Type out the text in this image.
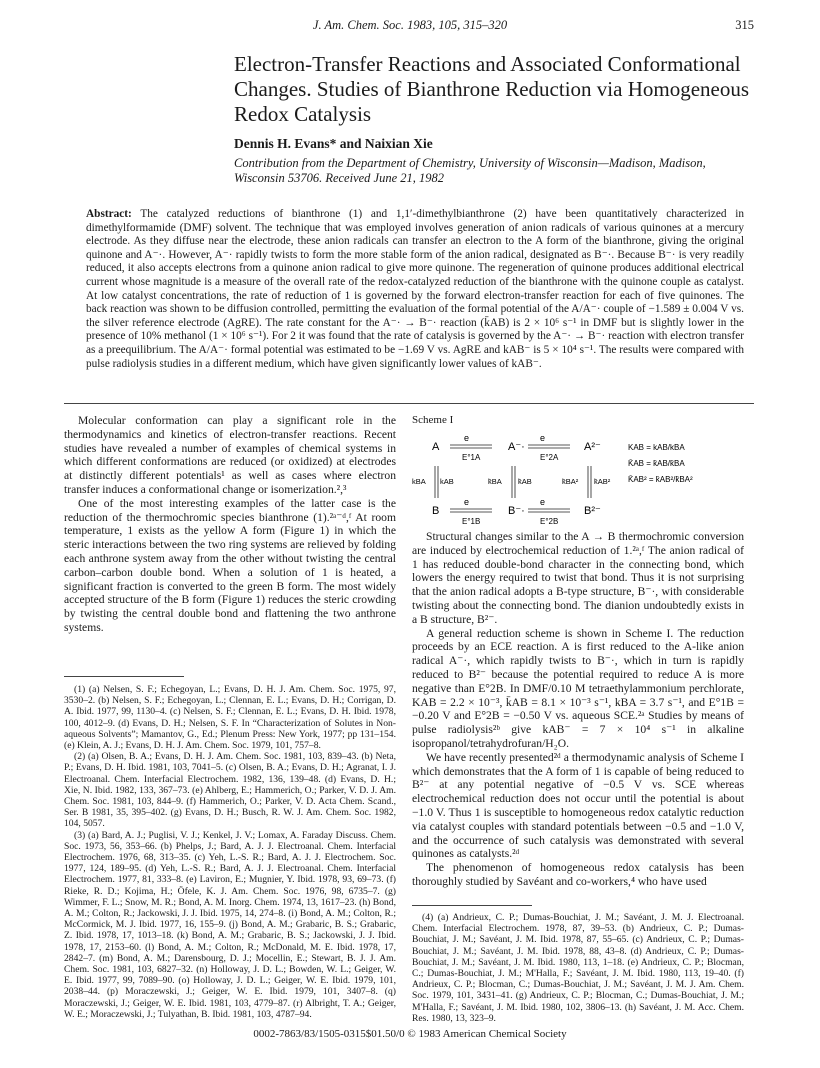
J. Am. Chem. Soc. 1983, 105, 315–320	315
Electron-Transfer Reactions and Associated Conformational Changes. Studies of Bianthrone Reduction via Homogeneous Redox Catalysis
Dennis H. Evans* and Naixian Xie
Contribution from the Department of Chemistry, University of Wisconsin—Madison, Madison, Wisconsin 53706. Received June 21, 1982
Abstract: The catalyzed reductions of bianthrone (1) and 1,1′-dimethylbianthrone (2) have been quantitatively characterized in dimethylformamide (DMF) solvent. The technique that was employed involves generation of anion radicals of various quinones at a mercury electrode. As they diffuse near the electrode, these anion radicals can transfer an electron to the A form of the bianthrone, giving the original quinone and A⁻·. However, A⁻· rapidly twists to form the more stable form of the anion radical, designated as B⁻·. Because B⁻· is very readily reduced, it also accepts electrons from a quinone anion radical to give more quinone. The regeneration of quinone produces additional electrical current whose magnitude is a measure of the overall rate of the redox-catalyzed reduction of the bianthrone with the quinone couple as catalyst. At low catalyst concentrations, the rate of reduction of 1 is governed by the forward electron-transfer reaction for each of five quinones. The back reaction was shown to be diffusion controlled, permitting the evaluation of the formal potential of the A/A⁻· couple of −1.589 ± 0.004 V vs. the silver reference electrode (AgRE). The rate constant for the A⁻· → B⁻· reaction (k̄AB) is 2 × 10⁶ s⁻¹ in DMF but is slightly lower in the presence of 10% methanol (1 × 10⁶ s⁻¹). For 2 it was found that the rate of catalysis is governed by the A⁻· → B⁻· reaction with electron transfer as a preequilibrium. The A/A⁻· formal potential was estimated to be −1.69 V vs. AgRE and kAB⁻ is 5 × 10⁴ s⁻¹. The results were compared with pulse radiolysis studies in a different medium, which have given significantly lower values of kAB⁻.

Molecular conformation can play a significant role in the thermodynamics and kinetics of electron-transfer reactions. Recent studies have revealed a number of examples of chemical systems in which different conformations are reduced (or oxidized) at electrodes at distinctly different potentials¹ as well as cases where electron transfer induces a conformational change or isomerization.²,³

One of the most interesting examples of the latter case is the reduction of the thermochromic species bianthrone (1).²ᵃ⁻ᵈ,ᶠ At room temperature, 1 exists as the yellow A form (Figure 1) in which the steric interactions between the two ring systems are relieved by folding each anthrone system away from the other without twisting the central carbon–carbon double bond. When a solution of 1 is heated, a significant fraction is converted to the green B form. The most widely accepted structure of the B form (Figure 1) reduces the steric crowding by twisting the central double bond and flattening the two anthrone systems.

(1) (a) Nelsen, S. F.; Echegoyan, L.; Evans, D. H. J. Am. Chem. Soc. 1975, 97, 3530–2. (b) Nelsen, S. F.; Echegoyan, L.; Clennan, E. L.; Evans, D. H.; Corrigan, D. A. Ibid. 1977, 99, 1130–4. (c) Nelsen, S. F.; Clennan, E. L.; Evans, D. H. Ibid. 1978, 100, 4012–9. (d) Evans, D. H.; Nelsen, S. F. In “Characterization of Solutes in Non-aqueous Solvents”; Mamantov, G., Ed.; Plenum Press: New York, 1977; pp 131–154. (e) Klein, A. J.; Evans, D. H. J. Am. Chem. Soc. 1979, 101, 757–8.

(2) (a) Olsen, B. A.; Evans, D. H. J. Am. Chem. Soc. 1981, 103, 839–43. (b) Neta, P.; Evans, D. H. Ibid. 1981, 103, 7041–5. (c) Olsen, B. A.; Evans, D. H.; Agranat, I. J. Electroanal. Chem. Interfacial Electrochem. 1982, 136, 139–48. (d) Evans, D. H.; Xie, N. Ibid. 1982, 133, 367–73. (e) Ahlberg, E.; Hammerich, O.; Parker, V. D. J. Am. Chem. Soc. 1981, 103, 844–9. (f) Hammerich, O.; Parker, V. D. Acta Chem. Scand., Ser. B 1981, 35, 395–402. (g) Evans, D. H.; Busch, R. W. J. Am. Chem. Soc. 1982, 104, 5057.

(3) (a) Bard, A. J.; Puglisi, V. J.; Kenkel, J. V.; Lomax, A. Faraday Discuss. Chem. Soc. 1973, 56, 353–66. (b) Phelps, J.; Bard, A. J. J. Electroanal. Chem. Interfacial Electrochem. 1976, 68, 313–35. (c) Yeh, L.-S. R.; Bard, A. J. J. Electrochem. Soc. 1977, 124, 189–95. (d) Yeh, L.-S. R.; Bard, A. J. J. Electroanal. Chem. Interfacial Electrochem. 1977, 81, 333–8. (e) Laviron, E.; Mugnier, Y. Ibid. 1978, 93, 69–73. (f) Rieke, R. D.; Kojima, H.; Öfele, K. J. Am. Chem. Soc. 1976, 98, 6735–7. (g) Wimmer, F. L.; Snow, M. R.; Bond, A. M. Inorg. Chem. 1974, 13, 1617–23. (h) Bond, A. M.; Colton, R.; Jackowski, J. J. Ibid. 1975, 14, 274–8. (i) Bond, A. M.; Colton, R.; McCormick, M. J. Ibid. 1977, 16, 155–9. (j) Bond, A. M.; Grabaric, B. S.; Grabaric, Z. Ibid. 1978, 17, 1013–18. (k) Bond, A. M.; Grabaric, B. S.; Jackowski, J. J. Ibid. 1978, 17, 2153–60. (l) Bond, A. M.; Colton, R.; McDonald, M. E. Ibid. 1978, 17, 2842–7. (m) Bond, A. M.; Darensbourg, D. J.; Mocellin, E.; Stewart, B. J. J. Am. Chem. Soc. 1981, 103, 6827–32. (n) Holloway, J. D. L.; Bowden, W. L.; Geiger, W. E. Ibid. 1977, 99, 7089–90. (o) Holloway, J. D. L.; Geiger, W. E. Ibid. 1979, 101, 2038–44. (p) Moraczewski, J.; Geiger, W. E. Ibid. 1979, 101, 3407–8. (q) Moraczewski, J.; Geiger, W. E. Ibid. 1981, 103, 4779–87. (r) Albright, T. A.; Geiger, W. E.; Moraczewski, J.; Tulyathan, B. Ibid. 1981, 103, 4787–94.

Scheme I
A	A⁻·	A²⁻
e	e
E°1A	E°2A
kBA kAB	k̄BA k̄AB	k̄BA² k̄AB²
B	B⁻·	B²⁻
e	e
E°1B	E°2B
KAB = kAB/kBA
K̄AB = k̄AB/k̄BA
K̄AB² = k̄AB²/k̄BA²

Structural changes similar to the A → B thermochromic conversion are induced by electrochemical reduction of 1.²ᵃ,ᶠ The anion radical of 1 has reduced double-bond character in the connecting bond, which lowers the energy required to twist that bond. Thus it is not surprising that the anion radical adopts a B-type structure, B⁻·, with considerable twisting about the connecting bond. The dianion undoubtedly exists in a B structure, B²⁻.

A general reduction scheme is shown in Scheme I. The reduction proceeds by an ECE reaction. A is first reduced to the A-like anion radical A⁻·, which rapidly twists to B⁻·, which in turn is rapidly reduced to B²⁻ because the potential required to reduce A is more negative than E°2B. In DMF/0.10 M tetraethylammonium perchlorate, KAB = 2.2 × 10⁻³, k̄AB = 8.1 × 10⁻³ s⁻¹, kBA = 3.7 s⁻¹, and E°1B = −0.20 V and E°2B = −0.50 V vs. aqueous SCE.²ᵃ Studies by means of pulse radiolysis²ᵇ give kAB⁻ = 7 × 10⁴ s⁻¹ in alkaline isopropanol/tetrahydrofuran/H₂O.

We have recently presented²ᵈ a thermodynamic analysis of Scheme I which demonstrates that the A form of 1 is capable of being reduced to B²⁻ at any potential negative of −0.5 V vs. SCE whereas electrochemical reduction does not occur until the potential is about −1.0 V. Thus 1 is susceptible to homogeneous redox catalytic reduction via catalyst couples with standard potentials between −0.5 and −1.0 V, and the occurrence of such catalysis was demonstrated with several quinones as catalysts.²ᵈ

The phenomenon of homogeneous redox catalysis has been thoroughly studied by Savéant and co-workers,⁴ who have used

(4) (a) Andrieux, C. P.; Dumas-Bouchiat, J. M.; Savéant, J. M. J. Electroanal. Chem. Interfacial Electrochem. 1978, 87, 39–53. (b) Andrieux, C. P.; Dumas-Bouchiat, J. M.; Savéant, J. M. Ibid. 1978, 87, 55–65. (c) Andrieux, C. P.; Dumas-Bouchiat, J. M.; Savéant, J. M. Ibid. 1978, 88, 43–8. (d) Andrieux, C. P.; Dumas-Bouchiat, J. M.; Savéant, J. M. Ibid. 1980, 113, 1–18. (e) Andrieux, C. P.; Blocman, C.; Dumas-Bouchiat, J. M.; M'Halla, F.; Savéant, J. M. Ibid. 1980, 113, 19–40. (f) Andrieux, C. P.; Blocman, C.; Dumas-Bouchiat, J. M.; Savéant, J. M. J. Am. Chem. Soc. 1979, 101, 3431–41. (g) Andrieux, C. P.; Blocman, C.; Dumas-Bouchiat, J. M.; M'Halla, F.; Savéant, J. M. Ibid. 1980, 102, 3806–13. (h) Savéant, J. M. Acc. Chem. Res. 1980, 13, 323–9.

0002-7863/83/1505-0315$01.50/0 © 1983 American Chemical Society
